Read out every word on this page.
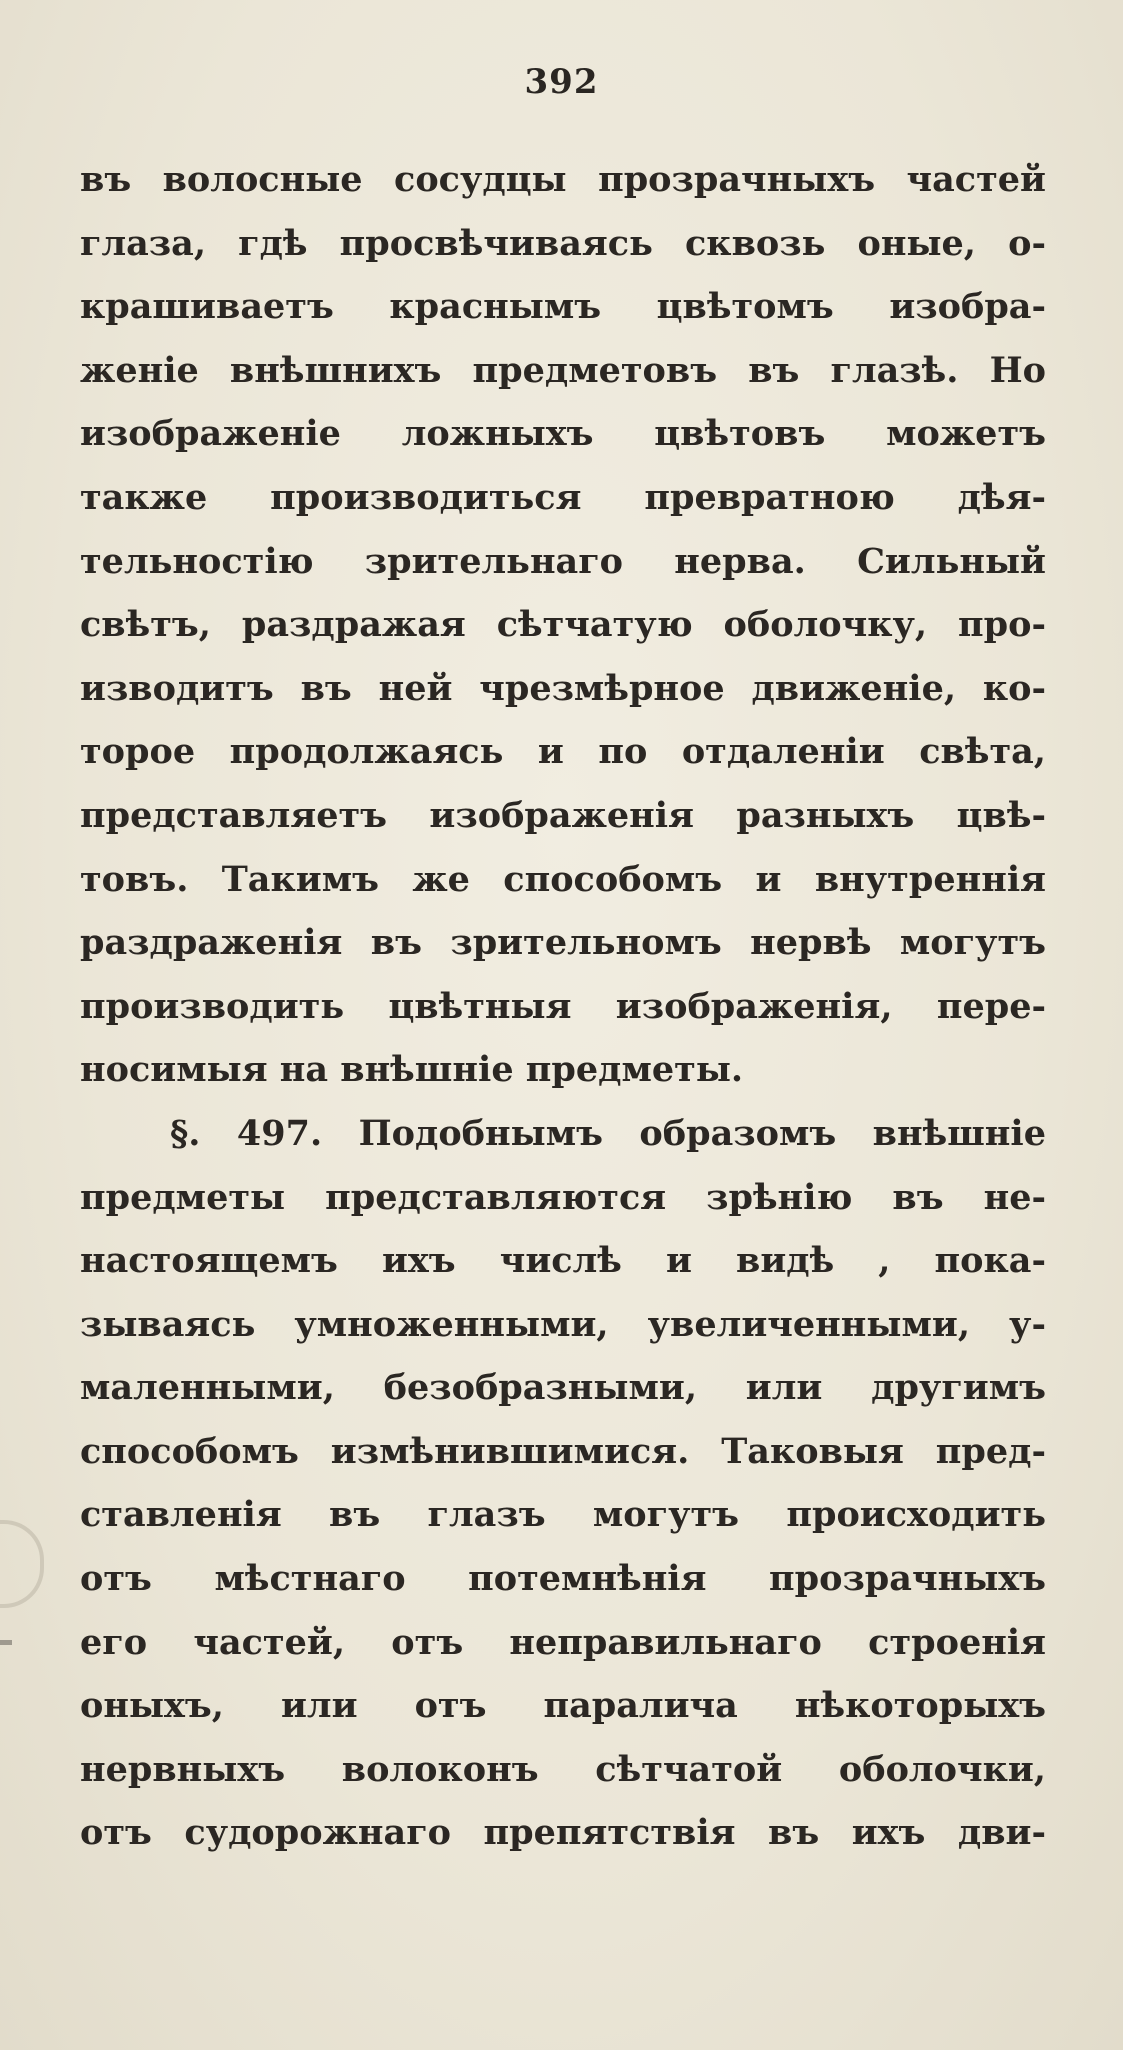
392
въ волосные сосудцы прозрачныхъ частей
глаза, гдѣ просвѣчиваясь сквозь оные, о-
крашиваетъ краснымъ цвѣтомъ изобра-
женіе внѣшнихъ предметовъ въ глазѣ. Но
изображеніе ложныхъ цвѣтовъ можетъ
также производиться превратною дѣя-
тельностію зрительнаго нерва. Сильный
свѣтъ, раздражая сѣтчатую оболочку, про-
изводитъ въ ней чрезмѣрное движеніе, ко-
торое продолжаясь и по отдаленіи свѣта,
представляетъ изображенія разныхъ цвѣ-
товъ. Такимъ же способомъ и внутреннія
раздраженія въ зрительномъ нервѣ могутъ
производить цвѣтныя изображенія, пере-
носимыя на внѣшніе предметы.
§. 497. Подобнымъ образомъ внѣшніе
предметы представляются зрѣнію въ не-
настоящемъ ихъ числѣ и видѣ , пока-
зываясь умноженными, увеличенными, у-
маленными, безобразными, или другимъ
способомъ измѣнившимися. Таковыя пред-
ставленія въ глазъ могутъ происходить
отъ мѣстнаго потемнѣнія прозрачныхъ
его частей, отъ неправильнаго строенія
оныхъ, или отъ паралича нѣкоторыхъ
нервныхъ волоконъ сѣтчатой оболочки,
отъ судорожнаго препятствія въ ихъ дви-
